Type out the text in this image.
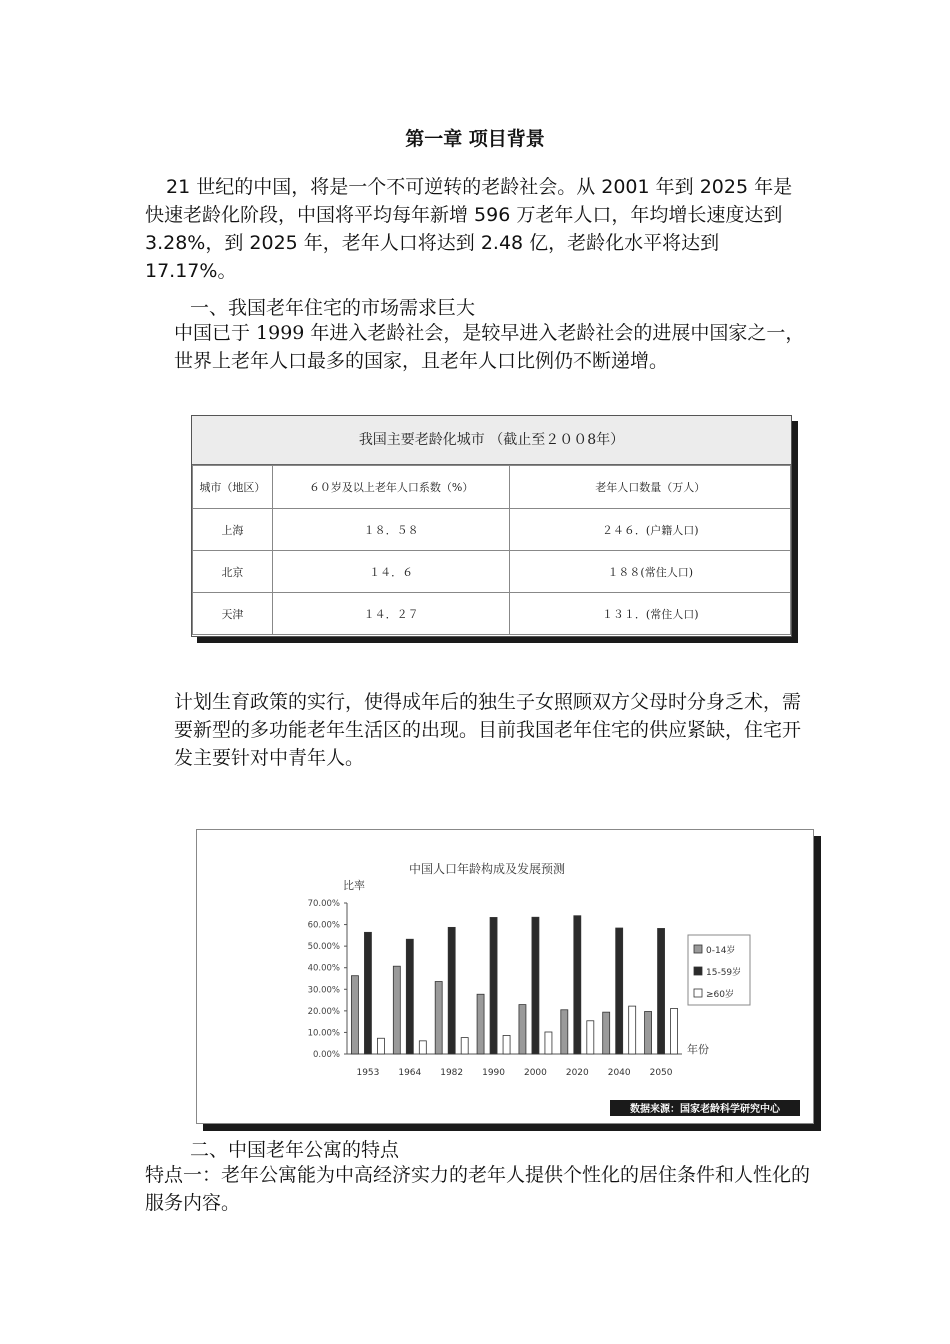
第一章 项目背景

21 世纪的中国，将是一个不可逆转的老龄社会。从 2001 年到 2025 年是快速老龄化阶段，中国将平均每年新增 596 万老年人口，年均增长速度达到 3.28%，到 2025 年，老年人口将达到 2.48 亿，老龄化水平将达到 17.17%。

一、我国老年住宅的市场需求巨大

中国已于 1999 年进入老龄社会，是较早进入老龄社会的进展中国家之一，世界上老年人口最多的国家，且老年人口比例仍不断递增。

我国主要老龄化城市 （截止至２００8年）
城市（地区）	６０岁及以上老年人口系数（%）	老年人口数量（万人）
上海	１８．５８	２４６．(户籍人口)
北京	１４．６	１８８(常住人口)
天津	１４．２７	１３１．(常住人口)

计划生育政策的实行，使得成年后的独生子女照顾双方父母时分身乏术，需要新型的多功能老年生活区的出现。目前我国老年住宅的供应紧缺，住宅开发主要针对中青年人。

中国人口年龄构成及发展预测
比率
年份
0.00%
10.00%
20.00%
30.00%
40.00%
50.00%
60.00%
70.00%
1953 1964 1982 1990 2000 2020 2040 2050
0-14岁
15-59岁
≥60岁
数据来源：国家老龄科学研究中心
二、中国老年公寓的特点

特点一：老年公寓能为中高经济实力的老年人提供个性化的居住条件和人性化的服务内容。
